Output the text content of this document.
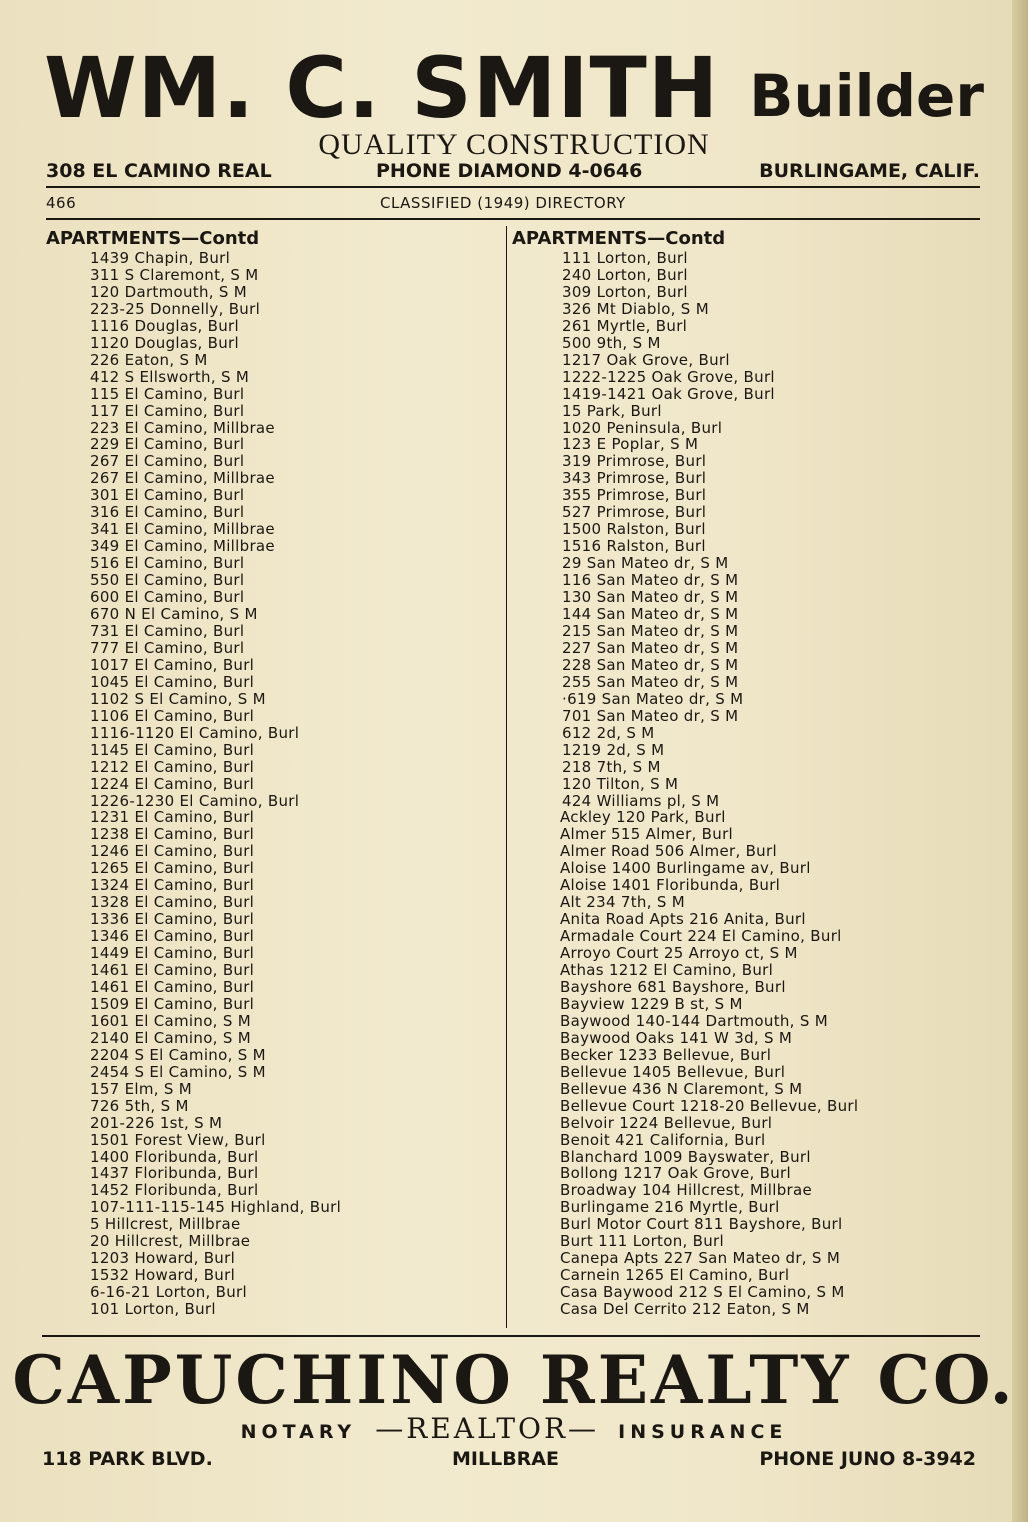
WM. C. SMITH Builder
QUALITY CONSTRUCTION
308 EL CAMINO REAL	PHONE DIAMOND 4-0646	BURLINGAME, CALIF.
466	CLASSIFIED (1949) DIRECTORY
APARTMENTS—Contd
1439 Chapin, Burl
311 S Claremont, S M
120 Dartmouth, S M
223-25 Donnelly, Burl
1116 Douglas, Burl
1120 Douglas, Burl
226 Eaton, S M
412 S Ellsworth, S M
115 El Camino, Burl
117 El Camino, Burl
223 El Camino, Millbrae
229 El Camino, Burl
267 El Camino, Burl
267 El Camino, Millbrae
301 El Camino, Burl
316 El Camino, Burl
341 El Camino, Millbrae
349 El Camino, Millbrae
516 El Camino, Burl
550 El Camino, Burl
600 El Camino, Burl
670 N El Camino, S M
731 El Camino, Burl
777 El Camino, Burl
1017 El Camino, Burl
1045 El Camino, Burl
1102 S El Camino, S M
1106 El Camino, Burl
1116-1120 El Camino, Burl
1145 El Camino, Burl
1212 El Camino, Burl
1224 El Camino, Burl
1226-1230 El Camino, Burl
1231 El Camino, Burl
1238 El Camino, Burl
1246 El Camino, Burl
1265 El Camino, Burl
1324 El Camino, Burl
1328 El Camino, Burl
1336 El Camino, Burl
1346 El Camino, Burl
1449 El Camino, Burl
1461 El Camino, Burl
1461 El Camino, Burl
1509 El Camino, Burl
1601 El Camino, S M
2140 El Camino, S M
2204 S El Camino, S M
2454 S El Camino, S M
157 Elm, S M
726 5th, S M
201-226 1st, S M
1501 Forest View, Burl
1400 Floribunda, Burl
1437 Floribunda, Burl
1452 Floribunda, Burl
107-111-115-145 Highland, Burl
5 Hillcrest, Millbrae
20 Hillcrest, Millbrae
1203 Howard, Burl
1532 Howard, Burl
6-16-21 Lorton, Burl
101 Lorton, Burl
APARTMENTS—Contd
111 Lorton, Burl
240 Lorton, Burl
309 Lorton, Burl
326 Mt Diablo, S M
261 Myrtle, Burl
500 9th, S M
1217 Oak Grove, Burl
1222-1225 Oak Grove, Burl
1419-1421 Oak Grove, Burl
15 Park, Burl
1020 Peninsula, Burl
123 E Poplar, S M
319 Primrose, Burl
343 Primrose, Burl
355 Primrose, Burl
527 Primrose, Burl
1500 Ralston, Burl
1516 Ralston, Burl
29 San Mateo dr, S M
116 San Mateo dr, S M
130 San Mateo dr, S M
144 San Mateo dr, S M
215 San Mateo dr, S M
227 San Mateo dr, S M
228 San Mateo dr, S M
255 San Mateo dr, S M
·619 San Mateo dr, S M
701 San Mateo dr, S M
612 2d, S M
1219 2d, S M
218 7th, S M
120 Tilton, S M
424 Williams pl, S M
Ackley 120 Park, Burl
Almer 515 Almer, Burl
Almer Road 506 Almer, Burl
Aloise 1400 Burlingame av, Burl
Aloise 1401 Floribunda, Burl
Alt 234 7th, S M
Anita Road Apts 216 Anita, Burl
Armadale Court 224 El Camino, Burl
Arroyo Court 25 Arroyo ct, S M
Athas 1212 El Camino, Burl
Bayshore 681 Bayshore, Burl
Bayview 1229 B st, S M
Baywood 140-144 Dartmouth, S M
Baywood Oaks 141 W 3d, S M
Becker 1233 Bellevue, Burl
Bellevue 1405 Bellevue, Burl
Bellevue 436 N Claremont, S M
Bellevue Court 1218-20 Bellevue, Burl
Belvoir 1224 Bellevue, Burl
Benoit 421 California, Burl
Blanchard 1009 Bayswater, Burl
Bollong 1217 Oak Grove, Burl
Broadway 104 Hillcrest, Millbrae
Burlingame 216 Myrtle, Burl
Burl Motor Court 811 Bayshore, Burl
Burt 111 Lorton, Burl
Canepa Apts 227 San Mateo dr, S M
Carnein 1265 El Camino, Burl
Casa Baywood 212 S El Camino, S M
Casa Del Cerrito 212 Eaton, S M
CAPUCHINO REALTY CO.
NOTARY —REALTOR— INSURANCE
118 PARK BLVD.	MILLBRAE	PHONE JUNO 8-3942
